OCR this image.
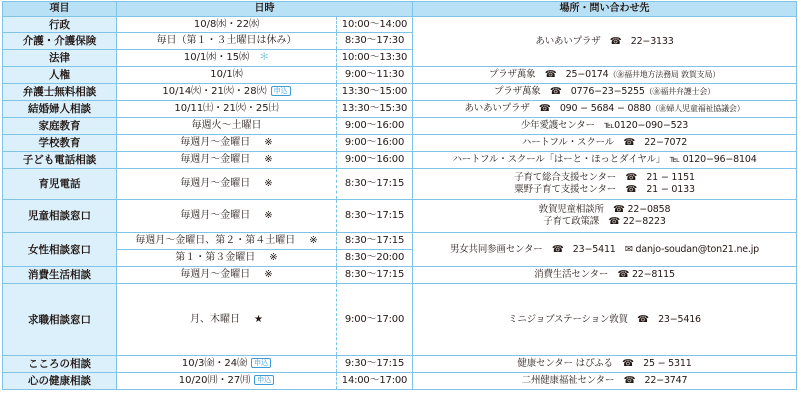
項目	日時		場所・問い合わせ先
行政	10/8㈬・22㈬	10:00〜14:00	あいあいプラザ　☎　22−3133
介護・介護保険	毎日（第１・３土曜日は休み）	8:30〜17:30	
法律	10/1㈬・15㈬ ＊	10:00〜13:30	
人権	10/1㈬	9:00〜11:30	プラザ萬象　☎　25−0174（㊎福井地方法務局 敦賀支局）
弁護士無料相談	10/14㈫・21㈫・28㈫ 申込	13:30〜15:00	プラザ萬象　☎　0776−23−5255（㊎福井弁護士会）
結婚婦人相談	10/11㈯・21㈫・25㈯	13:30〜15:30	あいあいプラザ　☎　090 − 5684 − 0880（㊎婦人児童福祉協議会）
家庭教育	毎週火〜土曜日	9:00〜16:00	少年愛護センター　℡0120−090−523
学校教育	毎週月〜金曜日 ※	9:00〜16:00	ハートフル・スクール　☎　22−7072
子ども電話相談	毎週月〜金曜日 ※	9:00〜16:00	ハートフル・スクール「はーと・ほっとダイヤル」　℡ 0120−96−8104
育児電話	毎週月〜金曜日 ※	8:30〜17:15	子育て総合支援センター　☎　21 − 1151
粟野子育て支援センター　☎　21 − 0133

児童相談窓口	毎週月〜金曜日 ※	8:30〜17:15	敦賀児童相談所　☎ 22−0858
子育て政策課　☎ 22−8223

女性相談窓口	毎週月〜金曜日、第２・第４土曜日 ※	8:30〜17:15	男女共同参画センター　☎　23−5411　✉ danjo-soudan@ton21.ne.jp
	第１・第３金曜日 ※	8:30〜20:00	
消費生活相談	毎週月〜金曜日 ※	8:30〜17:15	消費生活センター　☎ 22−8115
求職相談窓口	月、木曜日 ★	9:00〜17:00	ミニジョブステーション敦賀　☎　23−5416
こころの相談	10/3㈮・24㈮ 申込	9:30〜17:15	健康センター はぴふる　☎　25 − 5311
心の健康相談	10/20㈪・27㈪ 申込	14:00〜17:00	二州健康福祉センター　☎　22−3747
